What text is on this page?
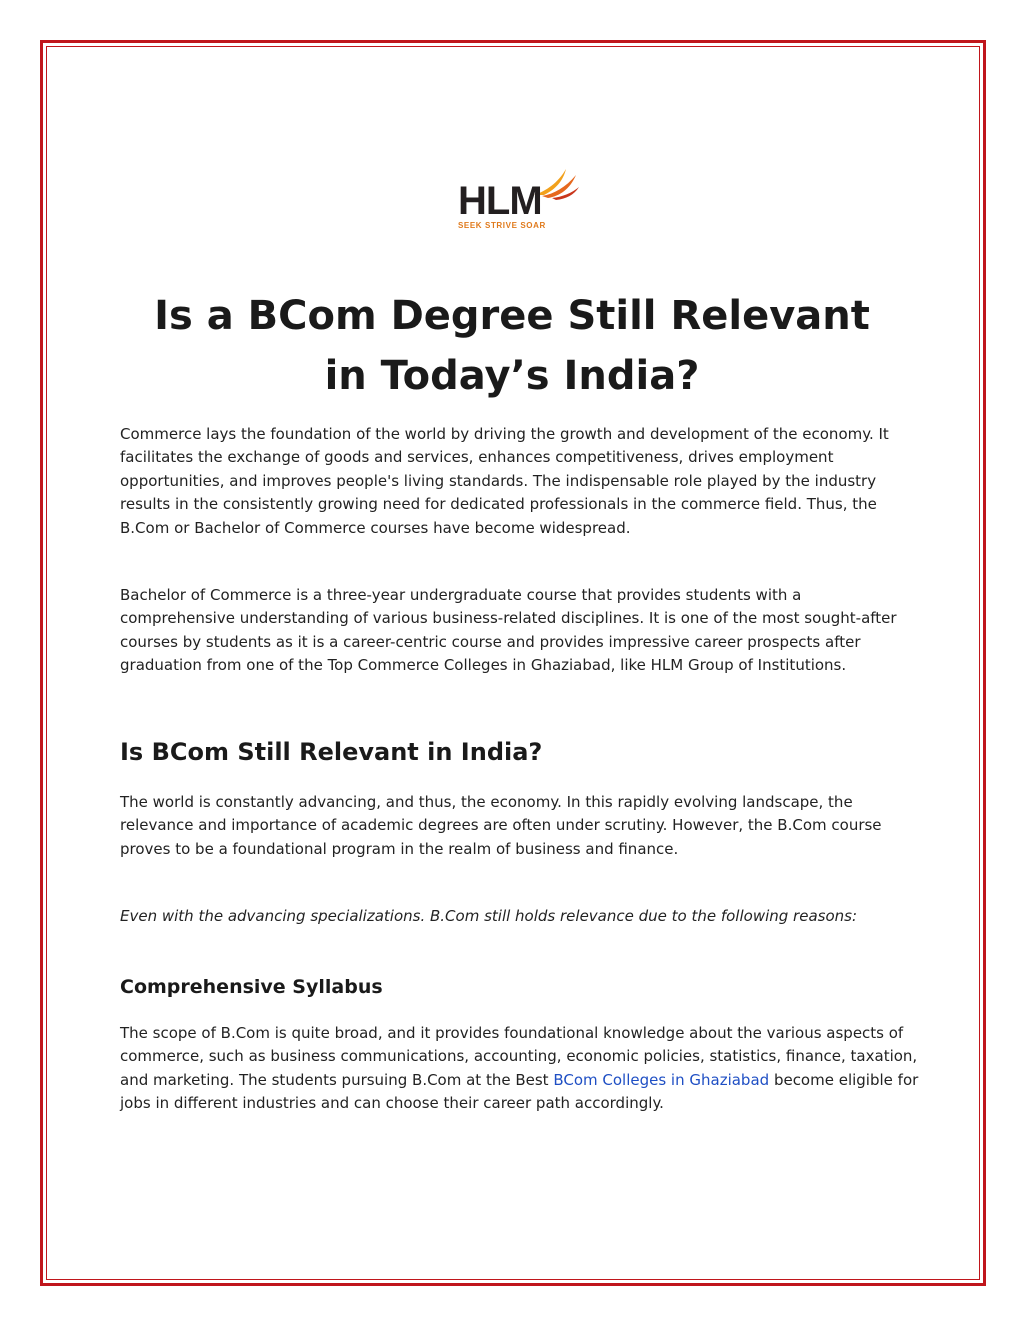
HLM
SEEK STRIVE SOAR
Is a BCom Degree Still Relevant
in Today’s India?

Commerce lays the foundation of the world by driving the growth and development of the economy. It facilitates the exchange of goods and services, enhances competitiveness, drives employment opportunities, and improves people's living standards. The indispensable role played by the industry results in the consistently growing need for dedicated professionals in the commerce field. Thus, the B.Com or Bachelor of Commerce courses have become widespread.

Bachelor of Commerce is a three-year undergraduate course that provides students with a comprehensive understanding of various business-related disciplines. It is one of the most sought-after courses by students as it is a career-centric course and provides impressive career prospects after graduation from one of the Top Commerce Colleges in Ghaziabad, like HLM Group of Institutions.

Is BCom Still Relevant in India?

The world is constantly advancing, and thus, the economy. In this rapidly evolving landscape, the relevance and importance of academic degrees are often under scrutiny. However, the B.Com course proves to be a foundational program in the realm of business and finance.

Even with the advancing specializations. B.Com still holds relevance due to the following reasons:

Comprehensive Syllabus

The scope of B.Com is quite broad, and it provides foundational knowledge about the various aspects of commerce, such as business communications, accounting, economic policies, statistics, finance, taxation, and marketing. The students pursuing B.Com at the Best BCom Colleges in Ghaziabad become eligible for jobs in different industries and can choose their career path accordingly.
